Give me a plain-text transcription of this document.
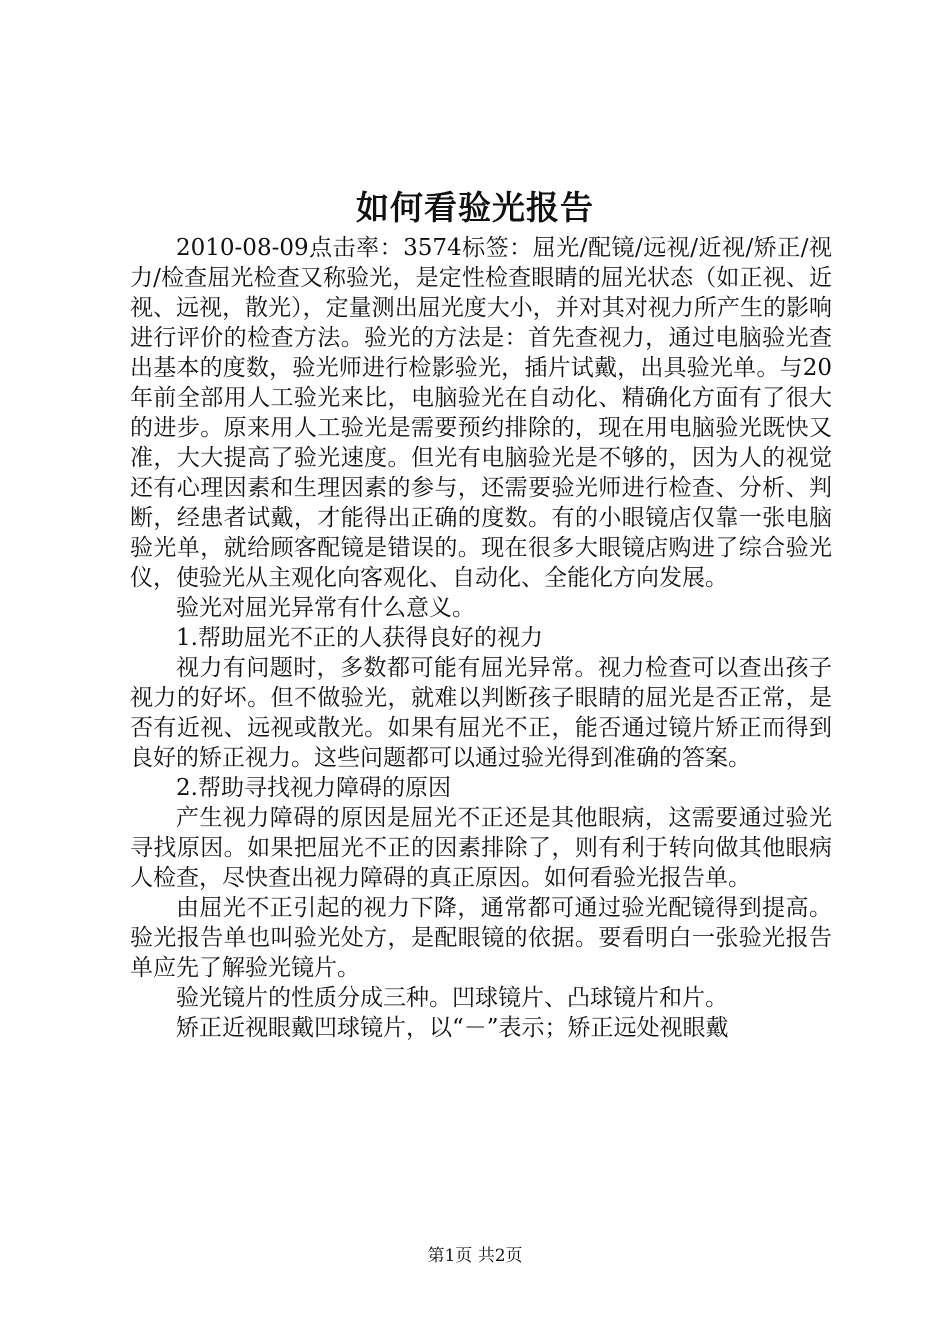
如何看验光报告

2010-08-09点击率：3574标签：屈光/配镜/远视/近视/矫正/视力/检查屈光检查又称验光，是定性检查眼睛的屈光状态（如正视、近视、远视，散光），定量测出屈光度大小，并对其对视力所产生的影响进行评价的检查方法。验光的方法是：首先查视力，通过电脑验光查出基本的度数，验光师进行检影验光，插片试戴，出具验光单。与20年前全部用人工验光来比，电脑验光在自动化、精确化方面有了很大的进步。原来用人工验光是需要预约排除的，现在用电脑验光既快又准，大大提高了验光速度。但光有电脑验光是不够的，因为人的视觉还有心理因素和生理因素的参与，还需要验光师进行检查、分析、判断，经患者试戴，才能得出正确的度数。有的小眼镜店仅靠一张电脑验光单，就给顾客配镜是错误的。现在很多大眼镜店购进了综合验光仪，使验光从主观化向客观化、自动化、全能化方向发展。

验光对屈光异常有什么意义。

1.帮助屈光不正的人获得良好的视力

视力有问题时，多数都可能有屈光异常。视力检查可以查出孩子视力的好坏。但不做验光，就难以判断孩子眼睛的屈光是否正常，是否有近视、远视或散光。如果有屈光不正，能否通过镜片矫正而得到良好的矫正视力。这些问题都可以通过验光得到准确的答案。

2.帮助寻找视力障碍的原因

产生视力障碍的原因是屈光不正还是其他眼病，这需要通过验光寻找原因。如果把屈光不正的因素排除了，则有利于转向做其他眼病人检查，尽快查出视力障碍的真正原因。如何看验光报告单。

由屈光不正引起的视力下降，通常都可通过验光配镜得到提高。验光报告单也叫验光处方，是配眼镜的依据。要看明白一张验光报告单应先了解验光镜片。

验光镜片的性质分成三种。凹球镜片、凸球镜片和片。

矫正近视眼戴凹球镜片，以“－”表示；矫正远处视眼戴

第1页 共2页
